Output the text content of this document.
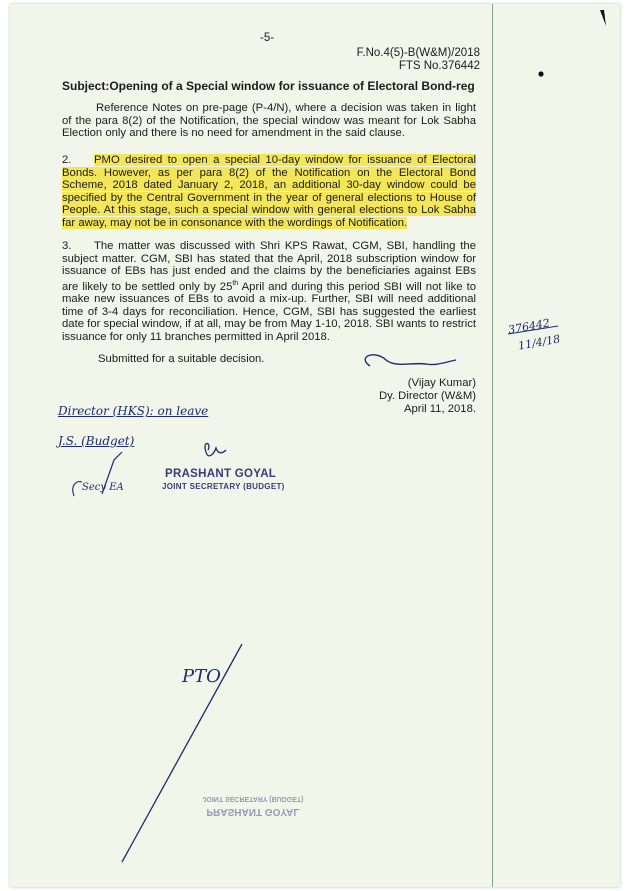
-5-
F.No.4(5)-B(W&M)/2018
FTS No.376442
Subject:Opening of a Special window for issuance of Electoral Bond-reg

Reference Notes on pre-page (P-4/N), where a decision was taken in light of the para 8(2) of the Notification, the special window was meant for Lok Sabha Election only and there is no need for amendment in the said clause.

2. PMO desired to open a special 10-day window for issuance of Electoral Bonds. However, as per para 8(2) of the Notification on the Electoral Bond Scheme, 2018 dated January 2, 2018, an additional 30-day window could be specified by the Central Government in the year of general elections to House of People. At this stage, such a special window with general elections to Lok Sabha far away, may not be in consonance with the wordings of Notification.

3. The matter was discussed with Shri KPS Rawat, CGM, SBI, handling the subject matter. CGM, SBI has stated that the April, 2018 subscription window for issuance of EBs has just ended and the claims by the beneficiaries against EBs are likely to be settled only by 25th April and during this period SBI will not like to make new issuances of EBs to avoid a mix-up. Further, SBI will need additional time of 3-4 days for reconciliation. Hence, CGM, SBI has suggested the earliest date for special window, if at all, may be from May 1-10, 2018. SBI wants to restrict issuance for only 11 branches permitted in April 2018.

Submitted for a suitable decision.
(Vijay Kumar)
Dy. Director (W&M)
April 11, 2018.
Director (HKS): on leave
J.S. (Budget)
Secy EA
PTO
376442
11/4/18
PRASHANT GOYAL
JOINT SECRETARY (BUDGET)
PRASHANT GOYAL
JOINT SECRETARY (BUDGET)
